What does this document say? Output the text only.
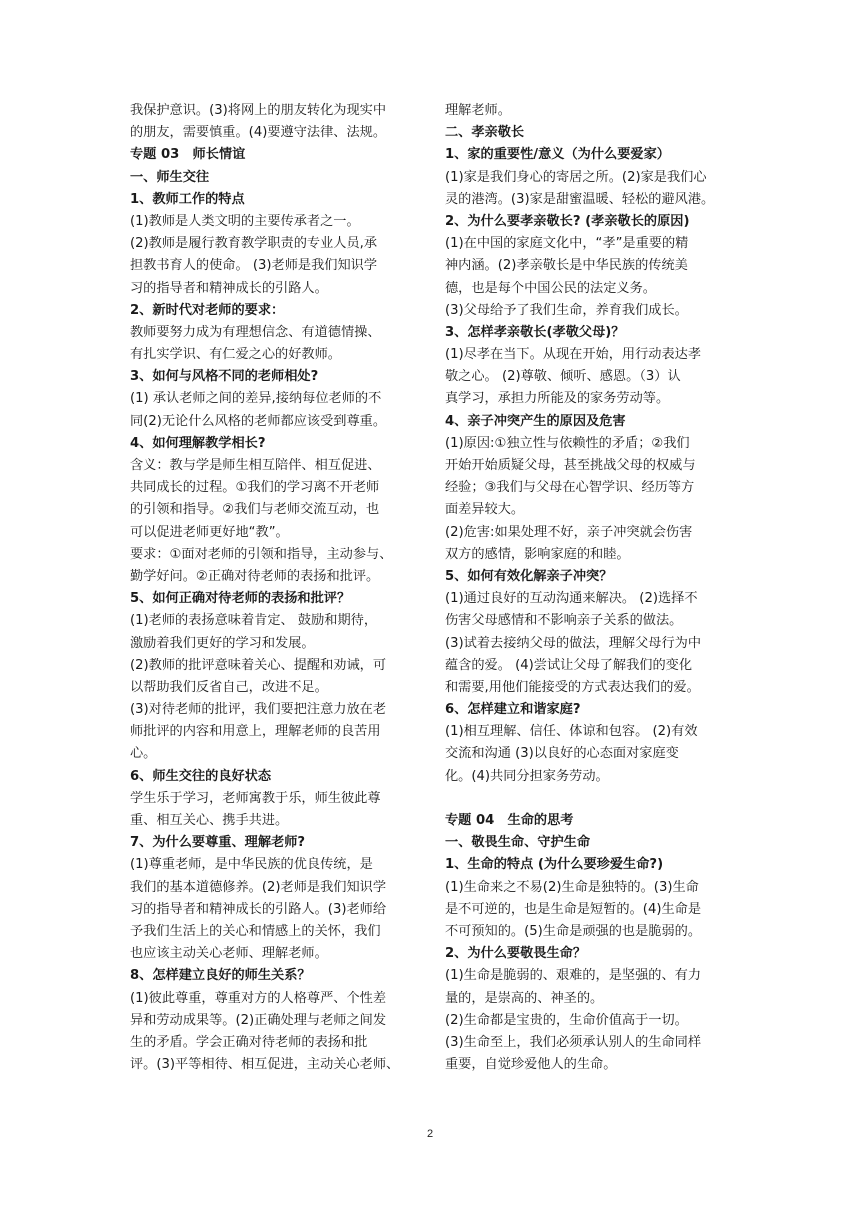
我保护意识。(3)将网上的朋友转化为现实中
的朋友，需要慎重。(4)要遵守法律、法规。
专题 03　师长情谊
一、师生交往
1、教师工作的特点
(1)教师是人类文明的主要传承者之一。
(2)教师是履行教育教学职责的专业人员,承
担教书育人的使命。 (3)老师是我们知识学
习的指导者和精神成长的引路人。
2、新时代对老师的要求：
教师要努力成为有理想信念、有道德情操、
有扎实学识、有仁爱之心的好教师。
3、如何与风格不同的老师相处?
(1) 承认老师之间的差异,接纳每位老师的不
同(2)无论什么风格的老师都应该受到尊重。
4、如何理解教学相长?
含义：教与学是师生相互陪伴、相互促进、
共同成长的过程。①我们的学习离不开老师
的引领和指导。②我们与老师交流互动，也
可以促进老师更好地“教”。
要求：①面对老师的引领和指导，主动参与、
勤学好问。②正确对待老师的表扬和批评。
5、如何正确对待老师的表扬和批评？
(1)老师的表扬意味着肯定、 鼓励和期待，
激励着我们更好的学习和发展。
(2)教师的批评意味着关心、提醒和劝诫，可
以帮助我们反省自己，改进不足。
(3)对待老师的批评，我们要把注意力放在老
师批评的内容和用意上，理解老师的良苦用
心。
6、师生交往的良好状态
学生乐于学习，老师寓教于乐，师生彼此尊
重、相互关心、携手共进。
7、为什么要尊重、理解老师?
(1)尊重老师，是中华民族的优良传统，是
我们的基本道德修养。(2)老师是我们知识学
习的指导者和精神成长的引路人。(3)老师给
予我们生活上的关心和情感上的关怀，我们
也应该主动关心老师、理解老师。
8、怎样建立良好的师生关系？
(1)彼此尊重，尊重对方的人格尊严、个性差
异和劳动成果等。(2)正确处理与老师之间发
生的矛盾。学会正确对待老师的表扬和批
评。(3)平等相待、相互促进，主动关心老师、
理解老师。
二、孝亲敬长
1、家的重要性/意义（为什么要爱家）
(1)家是我们身心的寄居之所。(2)家是我们心
灵的港湾。(3)家是甜蜜温暖、轻松的避风港。
2、为什么要孝亲敬长? (孝亲敬长的原因)
(1)在中国的家庭文化中，“孝”是重要的精
神内涵。(2)孝亲敬长是中华民族的传统美
德，也是每个中国公民的法定义务。
(3)父母给予了我们生命，养育我们成长。
3、怎样孝亲敬长(孝敬父母)？
(1)尽孝在当下。从现在开始，用行动表达孝
敬之心。 (2)尊敬、倾听、感恩。（3）认
真学习，承担力所能及的家务劳动等。
4、亲子冲突产生的原因及危害
(1)原因:①独立性与依赖性的矛盾；②我们
开始开始质疑父母，甚至挑战父母的权威与
经验；③我们与父母在心智学识、经历等方
面差异较大。
(2)危害:如果处理不好，亲子冲突就会伤害
双方的感情，影响家庭的和睦。
5、如何有效化解亲子冲突？
(1)通过良好的互动沟通来解决。 (2)选择不
伤害父母感情和不影响亲子关系的做法。
(3)试着去接纳父母的做法，理解父母行为中
蕴含的爱。 (4)尝试让父母了解我们的变化
和需要,用他们能接受的方式表达我们的爱。
6、怎样建立和谐家庭?
(1)相互理解、信任、体谅和包容。 (2)有效
交流和沟通 (3)以良好的心态面对家庭变
化。(4)共同分担家务劳动。
专题 04　生命的思考
一、敬畏生命、守护生命
1、生命的特点 (为什么要珍爱生命?)
(1)生命来之不易(2)生命是独特的。(3)生命
是不可逆的，也是生命是短暂的。(4)生命是
不可预知的。(5)生命是顽强的也是脆弱的。
2、为什么要敬畏生命？
(1)生命是脆弱的、艰难的，是坚强的、有力
量的，是崇高的、神圣的。
(2)生命都是宝贵的，生命价值高于一切。
(3)生命至上，我们必须承认别人的生命同样
重要，自觉珍爱他人的生命。
2
